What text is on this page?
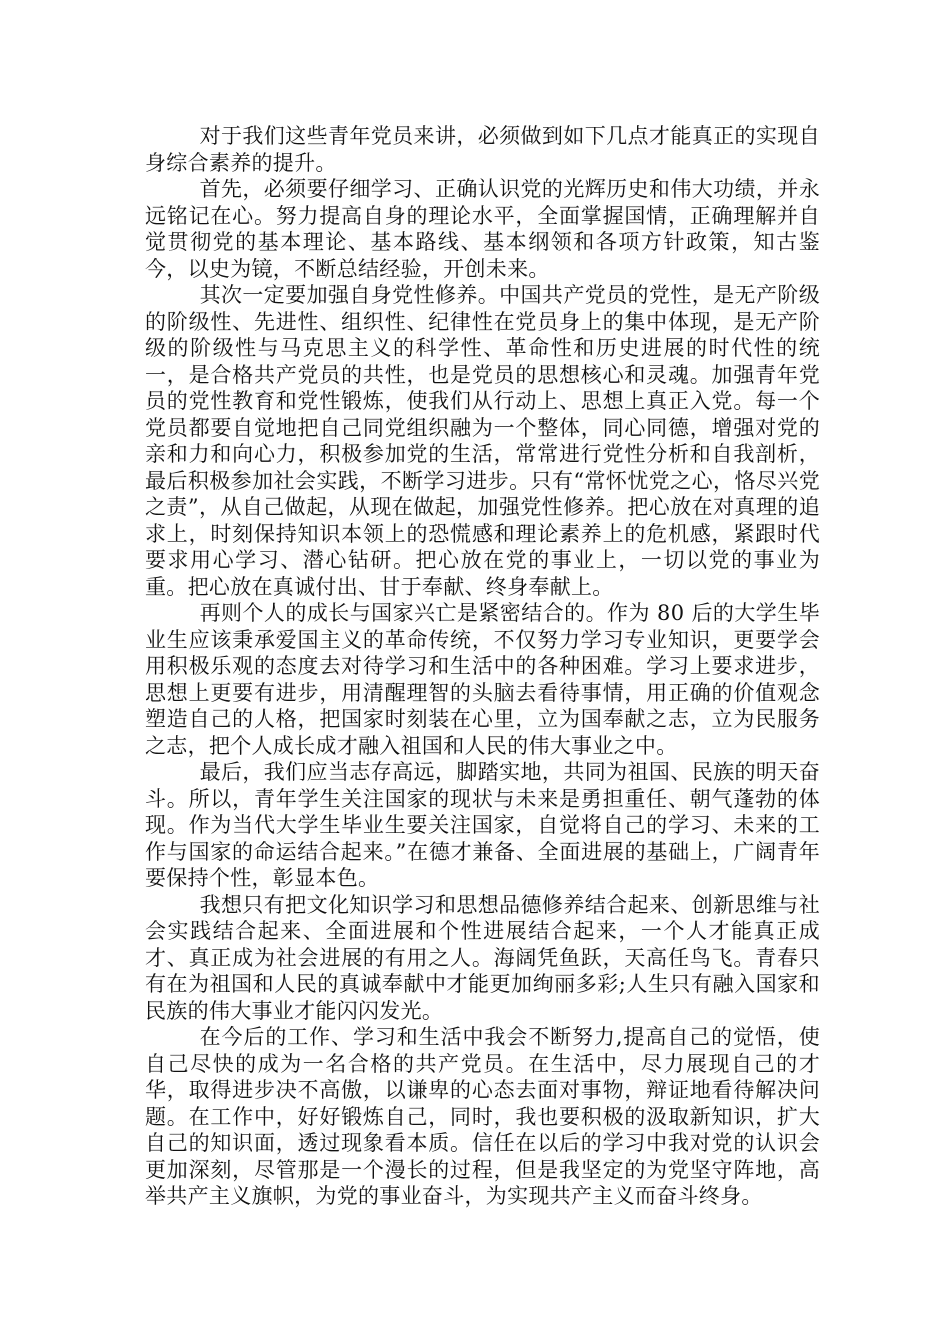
对于我们这些青年党员来讲，必须做到如下几点才能真正的实现自身综合素养的提升。

首先，必须要仔细学习、正确认识党的光辉历史和伟大功绩，并永远铭记在心。努力提高自身的理论水平，全面掌握国情，正确理解并自觉贯彻党的基本理论、基本路线、基本纲领和各项方针政策，知古鉴今，以史为镜，不断总结经验，开创未来。

其次一定要加强自身党性修养。中国共产党员的党性，是无产阶级的阶级性、先进性、组织性、纪律性在党员身上的集中体现，是无产阶级的阶级性与马克思主义的科学性、革命性和历史进展的时代性的统一，是合格共产党员的共性，也是党员的思想核心和灵魂。加强青年党员的党性教育和党性锻炼，使我们从行动上、思想上真正入党。每一个党员都要自觉地把自己同党组织融为一个整体，同心同德，增强对党的亲和力和向心力，积极参加党的生活，常常进行党性分析和自我剖析，最后积极参加社会实践，不断学习进步。只有“常怀忧党之心，恪尽兴党之责”，从自己做起，从现在做起，加强党性修养。把心放在对真理的追求上，时刻保持知识本领上的恐慌感和理论素养上的危机感，紧跟时代要求用心学习、潜心钻研。把心放在党的事业上，一切以党的事业为重。把心放在真诚付出、甘于奉献、终身奉献上。

再则个人的成长与国家兴亡是紧密结合的。作为 80 后的大学生毕业生应该秉承爱国主义的革命传统，不仅努力学习专业知识，更要学会用积极乐观的态度去对待学习和生活中的各种困难。学习上要求进步，思想上更要有进步，用清醒理智的头脑去看待事情，用正确的价值观念塑造自己的人格，把国家时刻装在心里，立为国奉献之志，立为民服务之志，把个人成长成才融入祖国和人民的伟大事业之中。

最后，我们应当志存高远，脚踏实地，共同为祖国、民族的明天奋斗。所以，青年学生关注国家的现状与未来是勇担重任、朝气蓬勃的体现。作为当代大学生毕业生要关注国家，自觉将自己的学习、未来的工作与国家的命运结合起来。”在德才兼备、全面进展的基础上，广阔青年要保持个性，彰显本色。

我想只有把文化知识学习和思想品德修养结合起来、创新思维与社会实践结合起来、全面进展和个性进展结合起来，一个人才能真正成才、真正成为社会进展的有用之人。海阔凭鱼跃，天高任鸟飞。青春只有在为祖国和人民的真诚奉献中才能更加绚丽多彩;人生只有融入国家和民族的伟大事业才能闪闪发光。

在今后的工作、学习和生活中我会不断努力,提高自己的觉悟，使自己尽快的成为一名合格的共产党员。在生活中，尽力展现自己的才华，取得进步决不高傲，以谦卑的心态去面对事物，辩证地看待解决问题。在工作中，好好锻炼自己，同时，我也要积极的汲取新知识，扩大自己的知识面，透过现象看本质。信任在以后的学习中我对党的认识会更加深刻，尽管那是一个漫长的过程，但是我坚定的为党坚守阵地，高举共产主义旗帜，为党的事业奋斗，为实现共产主义而奋斗终身。
